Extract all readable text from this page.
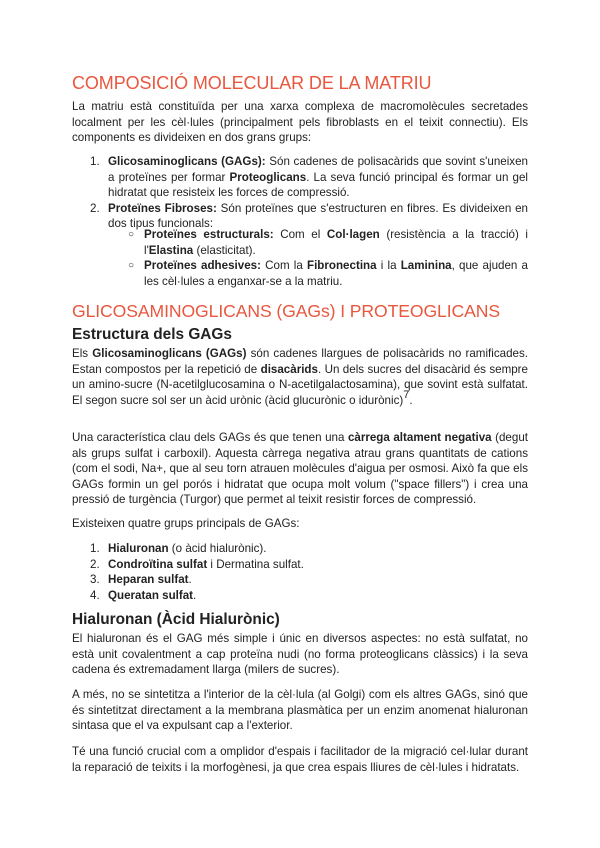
COMPOSICIÓ MOLECULAR DE LA MATRIU
La matriu està constituïda per una xarxa complexa de macromolècules secretades localment per les cèl·lules (principalment pels fibroblasts en el teixit connectiu). Els components es divideixen en dos grans grups:
1. Glicosaminoglicans (GAGs): Són cadenes de polisacàrids que sovint s'uneixen a proteïnes per formar Proteoglicans. La seva funció principal és formar un gel hidratat que resisteix les forces de compressió.
2. Proteïnes Fibroses: Són proteïnes que s'estructuren en fibres. Es divideixen en dos tipus funcionals:
○ Proteïnes estructurals: Com el Col·lagen (resistència a la tracció) i l'Elastina (elasticitat).
○ Proteïnes adhesives: Com la Fibronectina i la Laminina, que ajuden a les cèl·lules a enganxar-se a la matriu.
GLICOSAMINOGLICANS (GAGs) I PROTEOGLICANS
Estructura dels GAGs
Els Glicosaminoglicans (GAGs) són cadenes llargues de polisacàrids no ramificades. Estan compostos per la repetició de disacàrids. Un dels sucres del disacàrid és sempre un amino-sucre (N-acetilglucosamina o N-acetilgalactosamina), que sovint està sulfatat. El segon sucre sol ser un àcid urònic (àcid glucurònic o idurònic)7.
Una característica clau dels GAGs és que tenen una càrrega altament negativa (degut als grups sulfat i carboxil). Aquesta càrrega negativa atrau grans quantitats de cations (com el sodi, Na+, que al seu torn atrauen molècules d'aigua per osmosi. Això fa que els GAGs formin un gel porós i hidratat que ocupa molt volum ("space fillers") i crea una pressió de turgència (Turgor) que permet al teixit resistir forces de compressió.
Existeixen quatre grups principals de GAGs:
1. Hialuronan (o àcid hialurònic).
2. Condroïtina sulfat i Dermatina sulfat.
3. Heparan sulfat.
4. Queratan sulfat.
Hialuronan (Àcid Hialurònic)
El hialuronan és el GAG més simple i únic en diversos aspectes: no està sulfatat, no està unit covalentment a cap proteïna nudi (no forma proteoglicans clàssics) i la seva cadena és extremadament llarga (milers de sucres).
A més, no se sintetitza a l'interior de la cèl·lula (al Golgi) com els altres GAGs, sinó que és sintetitzat directament a la membrana plasmàtica per un enzim anomenat hialuronan sintasa que el va expulsant cap a l'exterior.
Té una funció crucial com a omplidor d'espais i facilitador de la migració cel·lular durant la reparació de teixits i la morfogènesi, ja que crea espais lliures de cèl·lules i hidratats.
